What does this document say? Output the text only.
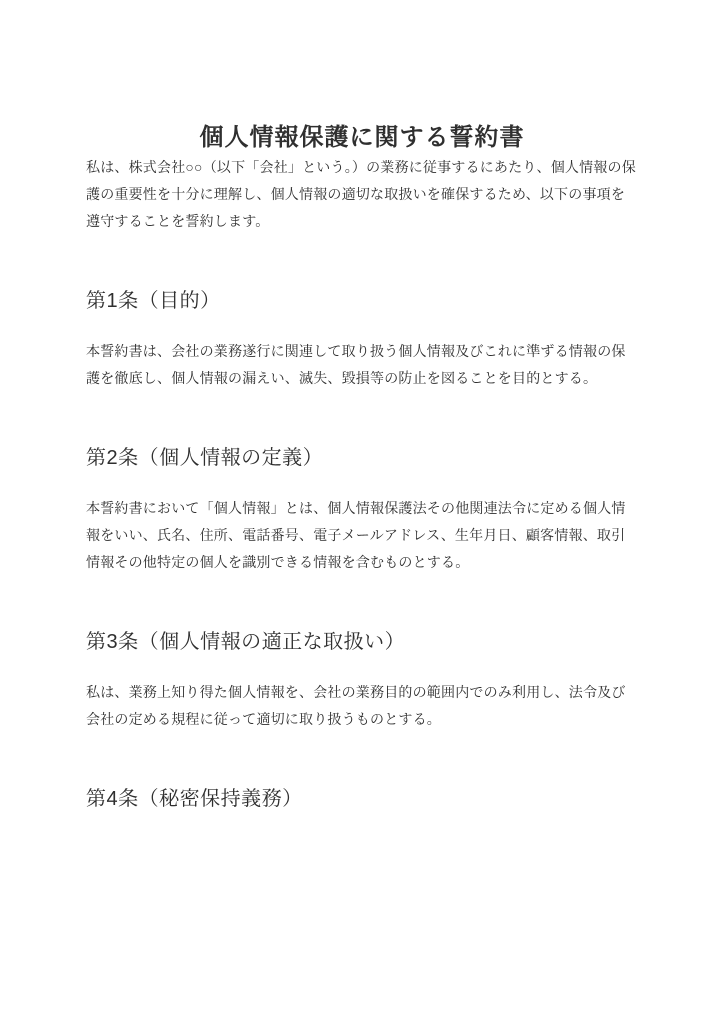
個人情報保護に関する誓約書

私は、株式会社○○（以下「会社」という。）の業務に従事するにあたり、個人情報の保護の重要性を十分に理解し、個人情報の適切な取扱いを確保するため、以下の事項を遵守することを誓約します。

第1条（目的）

本誓約書は、会社の業務遂行に関連して取り扱う個人情報及びこれに準ずる情報の保護を徹底し、個人情報の漏えい、滅失、毀損等の防止を図ることを目的とする。

第2条（個人情報の定義）

本誓約書において「個人情報」とは、個人情報保護法その他関連法令に定める個人情報をいい、氏名、住所、電話番号、電子メールアドレス、生年月日、顧客情報、取引情報その他特定の個人を識別できる情報を含むものとする。

第3条（個人情報の適正な取扱い）

私は、業務上知り得た個人情報を、会社の業務目的の範囲内でのみ利用し、法令及び会社の定める規程に従って適切に取り扱うものとする。

第4条（秘密保持義務）
